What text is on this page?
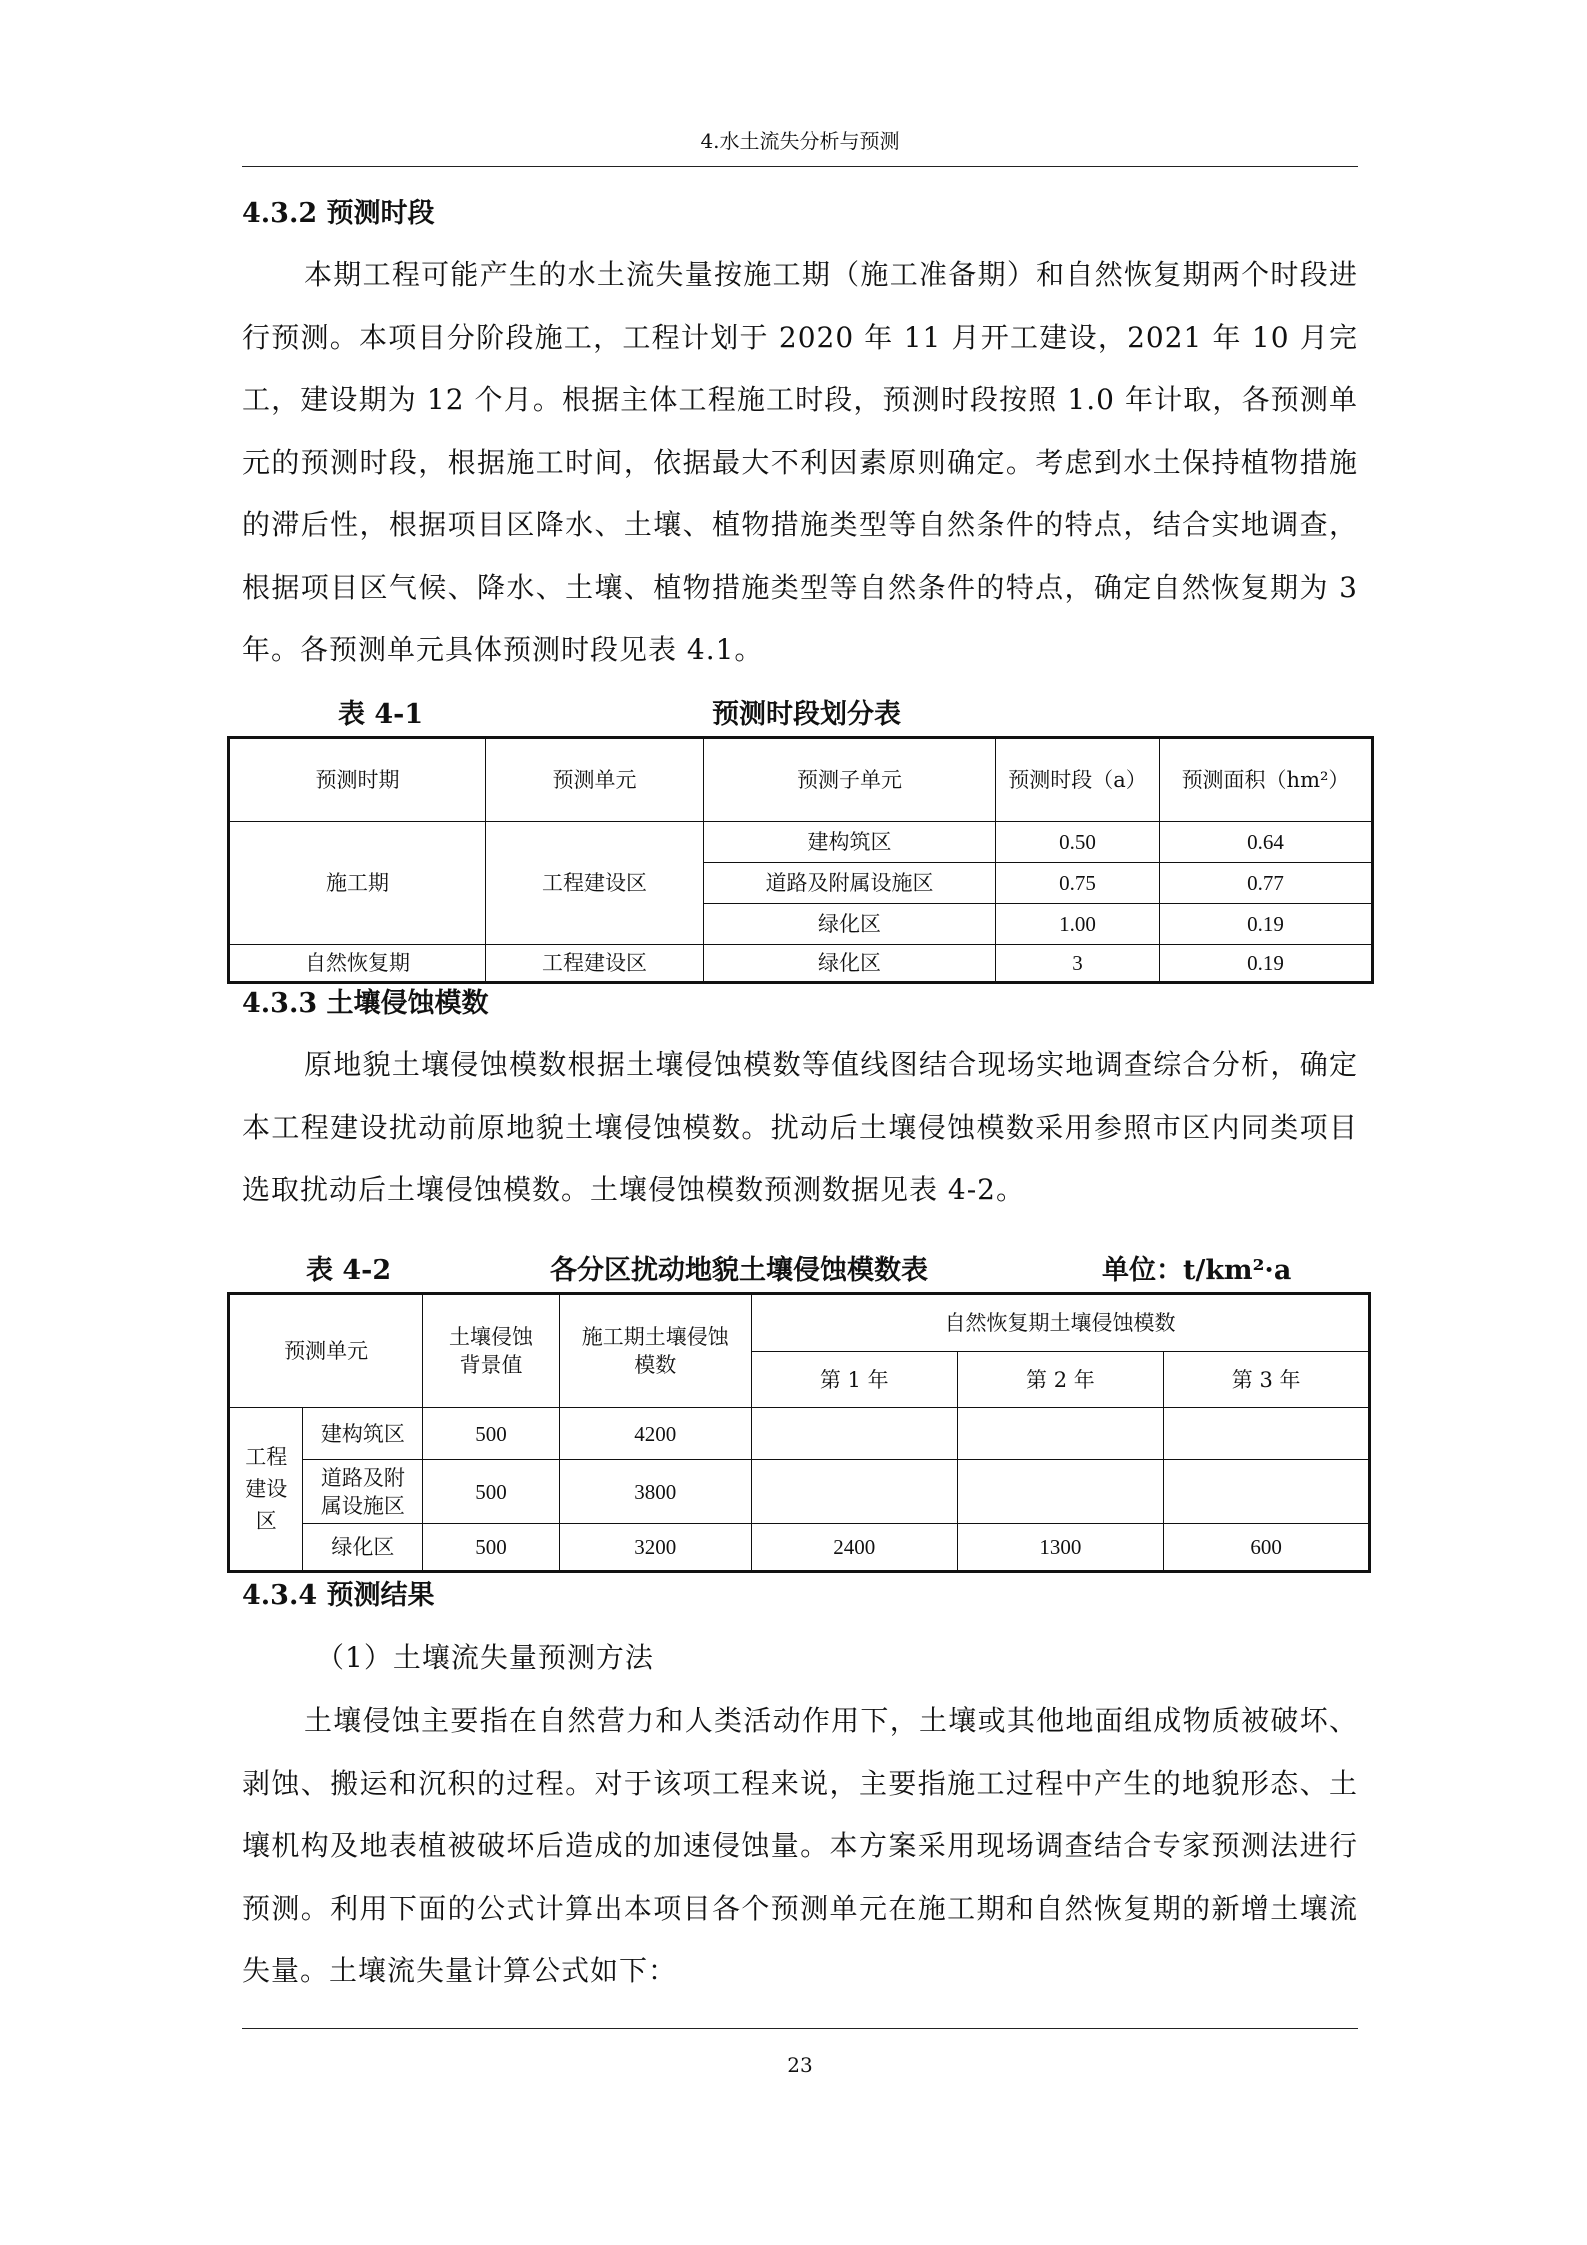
4.水土流失分析与预测
4.3.2 预测时段

本期工程可能产生的水土流失量按施工期（施工准备期）和自然恢复期两个时段进行预测。本项目分阶段施工，工程计划于 2020 年 11 月开工建设，2021 年 10 月完工，建设期为 12 个月。根据主体工程施工时段，预测时段按照 1.0 年计取，各预测单元的预测时段，根据施工时间，依据最大不利因素原则确定。考虑到水土保持植物措施的滞后性，根据项目区降水、土壤、植物措施类型等自然条件的特点，结合实地调查，根据项目区气候、降水、土壤、植物措施类型等自然条件的特点，确定自然恢复期为 3 年。各预测单元具体预测时段见表 4.1。

表 4-1	预测时段划分表
预测时期	预测单元	预测子单元	预测时段（a）	预测面积（hm²）
施工期	工程建设区	建构筑区	0.50	0.64
		道路及附属设施区	0.75	0.77
		绿化区	1.00	0.19
自然恢复期	工程建设区	绿化区	3	0.19
4.3.3 土壤侵蚀模数

原地貌土壤侵蚀模数根据土壤侵蚀模数等值线图结合现场实地调查综合分析，确定本工程建设扰动前原地貌土壤侵蚀模数。扰动后土壤侵蚀模数采用参照市区内同类项目选取扰动后土壤侵蚀模数。土壤侵蚀模数预测数据见表 4-2。

表 4-2	各分区扰动地貌土壤侵蚀模数表	单位：t/km²·a
预测单元		土壤侵蚀背景值	施工期土壤侵蚀模数	自然恢复期土壤侵蚀模数		
				第 1 年	第 2 年	第 3 年

工程建设区	建构筑区	500	4200			

	道路及附属设施区	500	3800			
	绿化区	500	3200	2400	1300	600
4.3.4 预测结果
（1）土壤流失量预测方法

土壤侵蚀主要指在自然营力和人类活动作用下，土壤或其他地面组成物质被破坏、剥蚀、搬运和沉积的过程。对于该项工程来说，主要指施工过程中产生的地貌形态、土壤机构及地表植被破坏后造成的加速侵蚀量。本方案采用现场调查结合专家预测法进行预测。利用下面的公式计算出本项目各个预测单元在施工期和自然恢复期的新增土壤流失量。土壤流失量计算公式如下：

23
